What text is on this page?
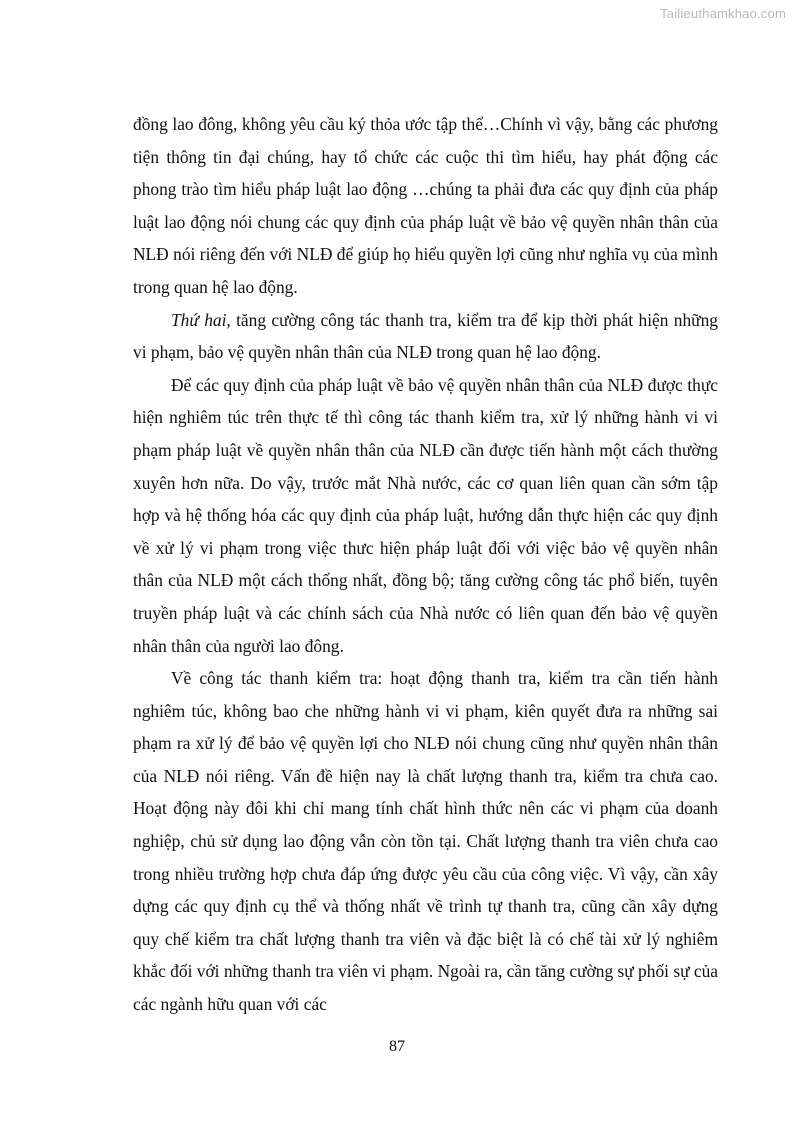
Tailieuthamkhao.com

đồng lao đông, không yêu cầu ký thỏa ước tập thể…Chính vì vậy, bằng các phương tiện thông tin đại chúng, hay tổ chức các cuộc thi tìm hiểu, hay phát động các phong trào tìm hiểu pháp luật lao động …chúng ta phải đưa các quy định của pháp luật lao động nói chung các quy định của pháp luật về bảo vệ quyền nhân thân của NLĐ nói riêng đến với NLĐ để giúp họ hiểu quyền lợi cũng như nghĩa vụ của mình trong quan hệ lao động.

Thứ hai, tăng cường công tác thanh tra, kiểm tra để kịp thời phát hiện những vi phạm, bảo vệ quyền nhân thân của NLĐ trong quan hệ lao động.

Để các quy định của pháp luật về bảo vệ quyền nhân thân của NLĐ được thực hiện nghiêm túc trên thực tế thì công tác thanh kiểm tra, xử lý những hành vi vi phạm pháp luật về quyền nhân thân của NLĐ cần được tiến hành một cách thường xuyên hơn nữa. Do vậy, trước mắt Nhà nước, các cơ quan liên quan cần sớm tập hợp và hệ thống hóa các quy định của pháp luật, hướng dẫn thực hiện các quy định về xử lý vi phạm trong việc thưc hiện pháp luật đối với việc bảo vệ quyền nhân thân của NLĐ một cách thống nhất, đồng bộ; tăng cường công tác phổ biến, tuyên truyền pháp luật và các chính sách của Nhà nước có liên quan đến bảo vệ quyền nhân thân của người lao đông.

Về công tác thanh kiểm tra: hoạt động thanh tra, kiểm tra cần tiến hành nghiêm túc, không bao che những hành vi vi phạm, kiên quyết đưa ra những sai phạm ra xử lý để bảo vệ quyền lợi cho NLĐ nói chung cũng như quyền nhân thân của NLĐ nói riêng. Vấn đề hiện nay là chất lượng thanh tra, kiểm tra chưa cao. Hoạt động này đôi khi chỉ mang tính chất hình thức nên các vi phạm của doanh nghiệp, chủ sử dụng lao động vẫn còn tồn tại. Chất lượng thanh tra viên chưa cao trong nhiều trường hợp chưa đáp ứng được yêu cầu của công việc. Vì vậy, cần xây dựng các quy định cụ thể và thống nhất về trình tự thanh tra, cũng cần xây dựng quy chế kiểm tra chất lượng thanh tra viên và đặc biệt là có chế tài xử lý nghiêm khắc đối với những thanh tra viên vi phạm. Ngoài ra, cần tăng cường sự phối sự của các ngành hữu quan với các

87
